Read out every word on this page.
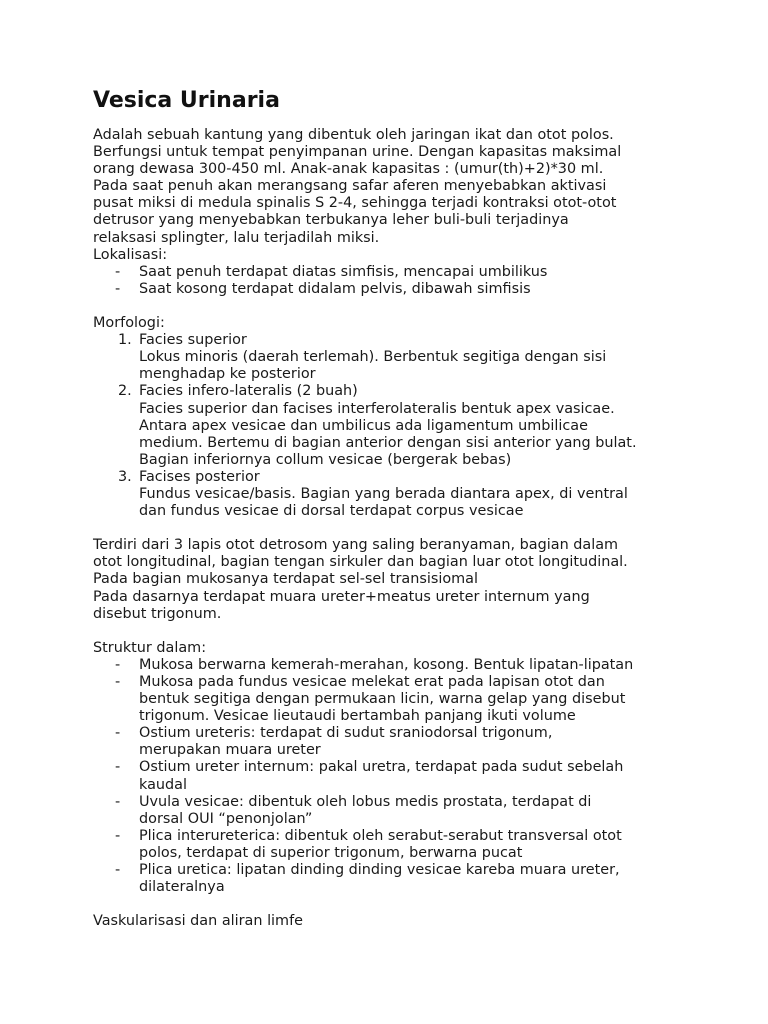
Vesica Urinaria
Adalah sebuah kantung yang dibentuk oleh jaringan ikat dan otot polos.
Berfungsi untuk tempat penyimpanan urine. Dengan kapasitas maksimal
orang dewasa 300-450 ml. Anak-anak kapasitas : (umur(th)+2)*30 ml.
Pada saat penuh akan merangsang safar aferen menyebabkan aktivasi
pusat miksi di medula spinalis S 2-4, sehingga terjadi kontraksi otot-otot
detrusor yang menyebabkan terbukanya leher buli-buli terjadinya
relaksasi splingter, lalu terjadilah miksi.
Lokalisasi:
- Saat penuh terdapat diatas simfisis, mencapai umbilikus
- Saat kosong terdapat didalam pelvis, dibawah simfisis
Morfologi:
1. Facies superior
Lokus minoris (daerah terlemah). Berbentuk segitiga dengan sisi
menghadap ke posterior
2. Facies infero-lateralis (2 buah)
Facies superior dan facises interferolateralis bentuk apex vasicae.
Antara apex vesicae dan umbilicus ada ligamentum umbilicae
medium. Bertemu di bagian anterior dengan sisi anterior yang bulat.
Bagian inferiornya collum vesicae (bergerak bebas)
3. Facises posterior
Fundus vesicae/basis. Bagian yang berada diantara apex, di ventral
dan fundus vesicae di dorsal terdapat corpus vesicae
Terdiri dari 3 lapis otot detrosom yang saling beranyaman, bagian dalam
otot longitudinal, bagian tengan sirkuler dan bagian luar otot longitudinal.
Pada bagian mukosanya terdapat sel-sel transisiomal
Pada dasarnya terdapat muara ureter+meatus ureter internum yang
disebut trigonum.
Struktur dalam:
- Mukosa berwarna kemerah-merahan, kosong. Bentuk lipatan-lipatan
- Mukosa pada fundus vesicae melekat erat pada lapisan otot dan
bentuk segitiga dengan permukaan licin, warna gelap yang disebut
trigonum. Vesicae lieutaudi bertambah panjang ikuti volume
- Ostium ureteris: terdapat di sudut sraniodorsal trigonum,
merupakan muara ureter
- Ostium ureter internum: pakal uretra, terdapat pada sudut sebelah
kaudal
- Uvula vesicae: dibentuk oleh lobus medis prostata, terdapat di
dorsal OUI “penonjolan”
- Plica interureterica: dibentuk oleh serabut-serabut transversal otot
polos, terdapat di superior trigonum, berwarna pucat
- Plica uretica: lipatan dinding dinding vesicae kareba muara ureter,
dilateralnya
Vaskularisasi dan aliran limfe
